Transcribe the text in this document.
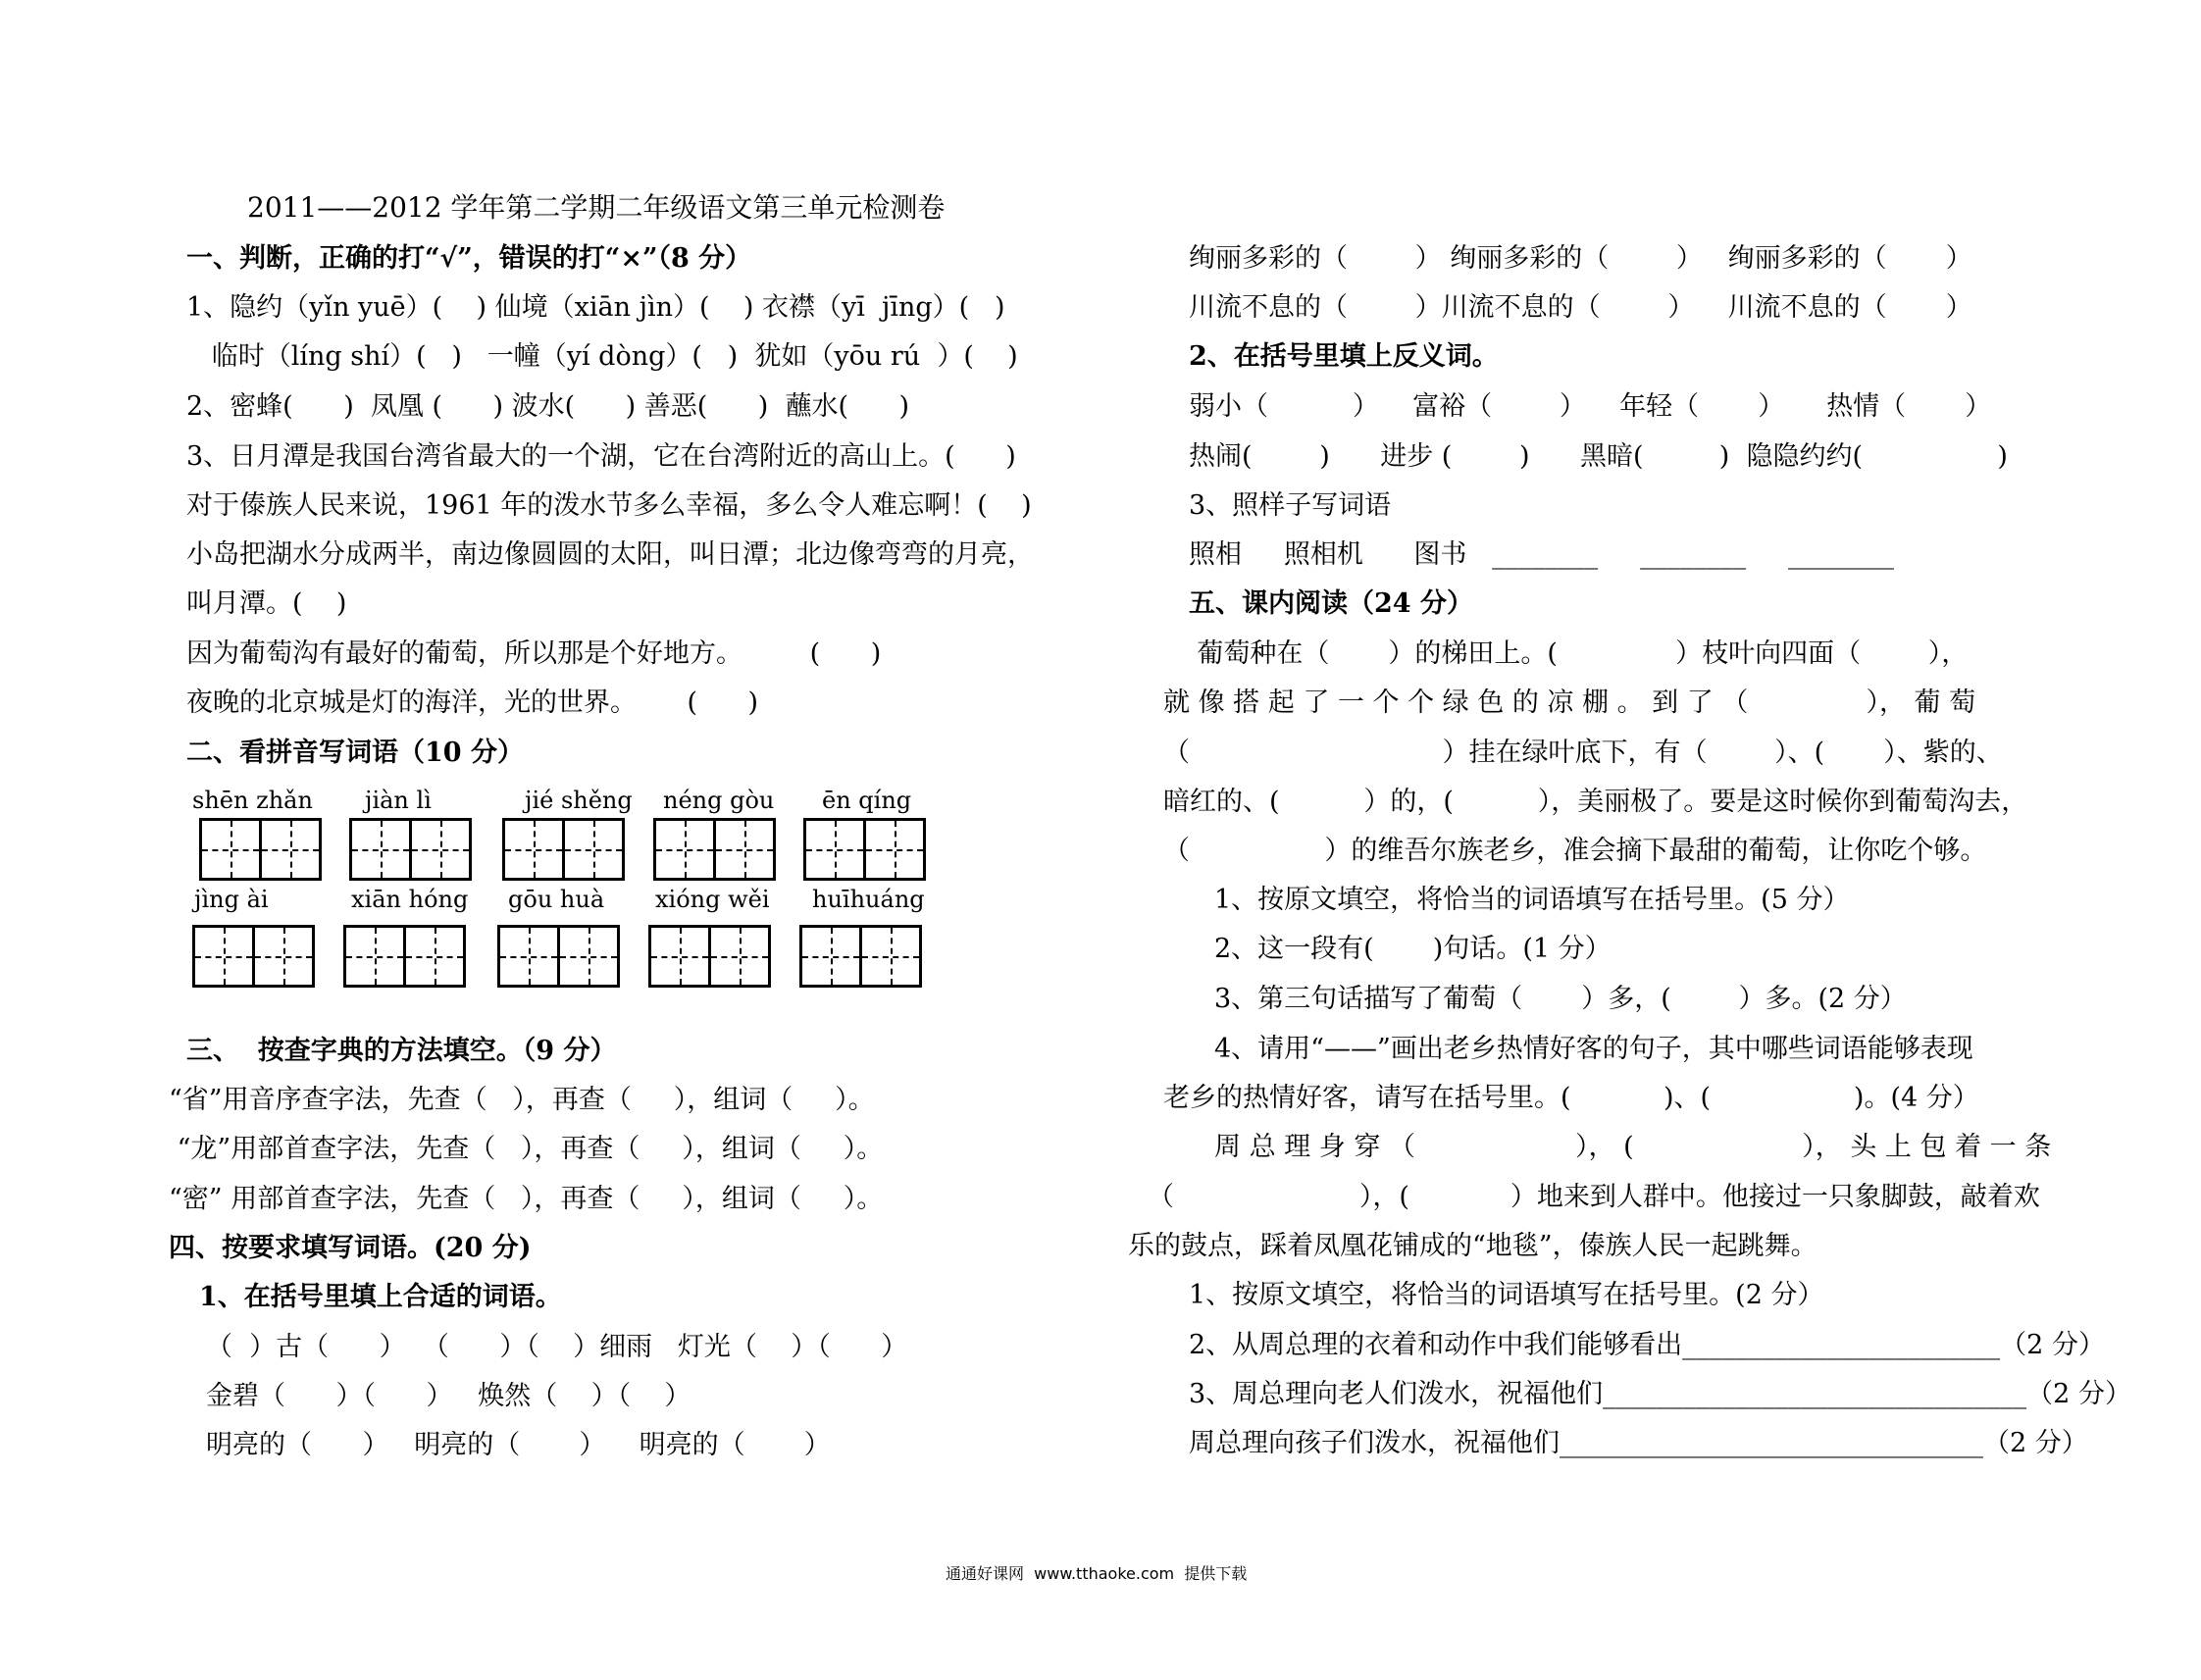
2011——2012 学年第二学期二年级语文第三单元检测卷
一、判断，正确的打“√”，错误的打“×”（8 分）
1、隐约（yǐn yuē）(    ) 仙境（xiān jìn）(    ) 衣襟（yī  jīng）(   )
临时（líng shí）(   )   一幢（yí dòng）(   )  犹如（yōu rú  ）(    )
2、密蜂(      )  凤凰 (      ) 波水(      ) 善恶(      )  蘸水(      )
3、日月潭是我国台湾省最大的一个湖，它在台湾附近的高山上。(      )
对于傣族人民来说，1961 年的泼水节多么幸福，多么令人难忘啊！(    )
小岛把湖水分成两半，南边像圆圆的太阳，叫日潭；北边像弯弯的月亮，
叫月潭。(    )
因为葡萄沟有最好的葡萄，所以那是个好地方。        (      )
夜晚的北京城是灯的海洋，光的世界。      (      )
二、看拼音写词语（10 分）
shēn zhǎn jiàn lì	jié shěng néng gòu ēn qíng
jìng ài	xiān hóng gōu huà xióng wěi huīhuáng
三、  按查字典的方法填空。（9 分）
“省”用音序查字法，先查（   ），再查（     ），组词（     ）。
“龙”用部首查字法，先查（   ），再查（     ），组词（     ）。
“密” 用部首查字法，先查（   ），再查（     ），组词（     ）。
四、按要求填写词语。(20 分)
1、在括号里填上合适的词语。
（  ）古（      ）  （      ）（    ）细雨   灯光（    ）（      ）
金碧（      ）（      ）   焕然（    ）（    ）
明亮的（      ）   明亮的（       ）    明亮的（       ）
绚丽多彩的（        ） 绚丽多彩的（        ）   绚丽多彩的（       ）
川流不息的（        ）川流不息的（        ）    川流不息的（       ）
2、在括号里填上反义词。
弱小（          ）    富裕（        ）    年轻（       ）     热情（       ）
热闹(        )      进步 (        )      黑暗(         )  隐隐约约(                )
3、照样子写词语
照相     照相机      图书   ________     ________     ________
五、课内阅读（24 分）
葡萄种在（       ）的梯田上。(              ）枝叶向四面（        ），
就 像 搭 起 了 一 个 个 绿 色 的 凉 棚 。 到 了 （              ）， 葡 萄
（                              ）挂在绿叶底下，有（        ）、(       ）、紫的、
暗红的、(          ）的，(          ），美丽极了。要是这时候你到葡萄沟去，
（                ）的维吾尔族老乡，准会摘下最甜的葡萄，让你吃个够。
1、按原文填空，将恰当的词语填写在括号里。(5 分）
2、这一段有(       )句话。(1 分）
3、第三句话描写了葡萄（       ）多，(        ）多。(2 分）
4、请用“——”画出老乡热情好客的句子，其中哪些词语能够表现
老乡的热情好客，请写在括号里。(           )、(                 )。(4 分）
周 总 理 身 穿 （                   ）， (                    ）， 头 上 包 着 一 条
（                      ），(            ）地来到人群中。他接过一只象脚鼓，敲着欢
乐的鼓点，踩着凤凰花铺成的“地毯”，傣族人民一起跳舞。
1、按原文填空，将恰当的词语填写在括号里。(2 分）
2、从周总理的衣着和动作中我们能够看出________________________（2 分）
3、周总理向老人们泼水，祝福他们________________________________（2 分）
周总理向孩子们泼水，祝福他们________________________________（2 分）
通通好课网  www.tthaoke.com  提供下载
